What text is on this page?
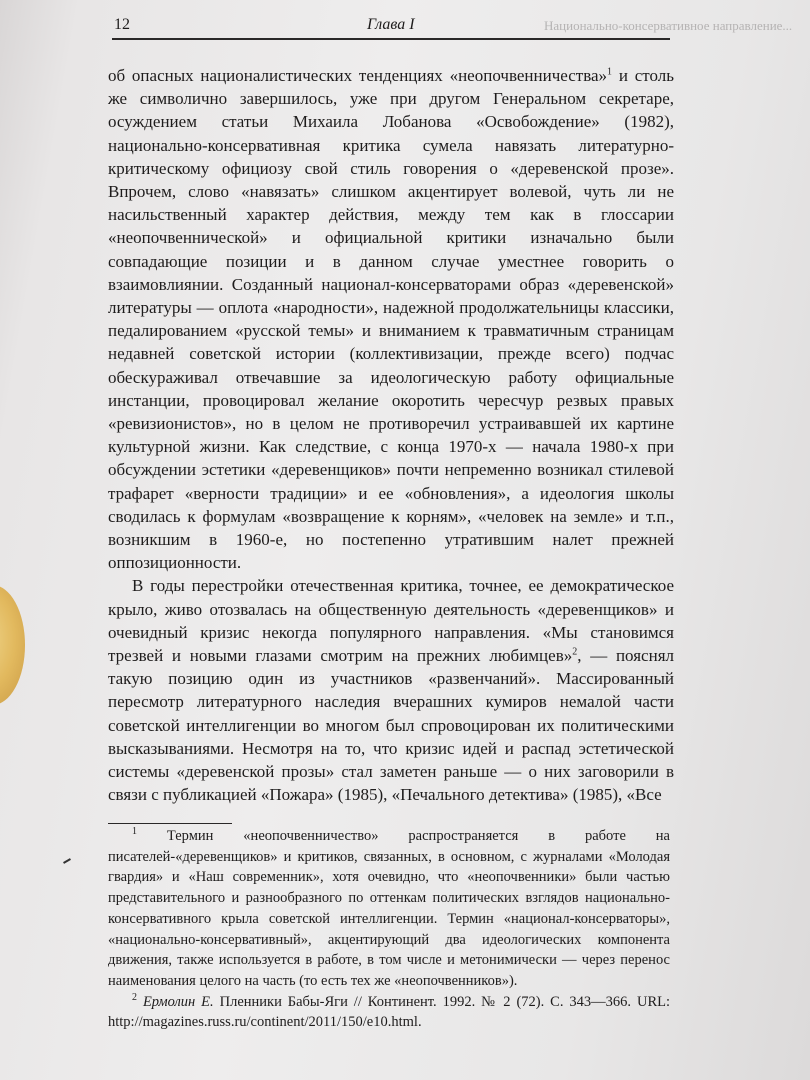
12	Глава I	Национально-консервативное направление...

об опасных националистических тенденциях «неопочвенничества»$^1$ и столь же символично завершилось, уже при другом Генеральном секретаре, осуждением статьи Михаила Лобанова «Освобождение» (1982), национально-консервативная критика сумела навязать литературно-критическому официозу свой стиль говорения о «деревенской прозе». Впрочем, слово «навязать» слишком акцентирует волевой, чуть ли не насильственный характер действия, между тем как в глоссарии «неопочвеннической» и официальной критики изначально были совпадающие позиции и в данном случае уместнее говорить о взаимовлиянии. Созданный национал-консерваторами образ «деревенской» литературы — оплота «народности», надежной продолжательницы классики, педалированием «русской темы» и вниманием к травматичным страницам недавней советской истории (коллективизации, прежде всего) подчас обескураживал отвечавшие за идеологическую работу официальные инстанции, провоцировал желание окоротить чересчур резвых правых «ревизионистов», но в целом не противоречил устраивавшей их картине культурной жизни. Как следствие, с конца 1970-х — начала 1980-х при обсуждении эстетики «деревенщиков» почти непременно возникал стилевой трафарет «верности традиции» и ее «обновления», а идеология школы сводилась к формулам «возвращение к корням», «человек на земле» и т.п., возникшим в 1960-е, но постепенно утратившим налет прежней оппозиционности.

В годы перестройки отечественная критика, точнее, ее демократическое крыло, живо отозвалась на общественную деятельность «деревенщиков» и очевидный кризис некогда популярного направления. «Мы становимся трезвей и новыми глазами смотрим на прежних любимцев»$^2$, — пояснял такую позицию один из участников «развенчаний». Массированный пересмотр литературного наследия вчерашних кумиров немалой части советской интеллигенции во многом был спровоцирован их политическими высказываниями. Несмотря на то, что кризис идей и распад эстетической системы «деревенской прозы» стал заметен раньше — о них заговорили в связи с публикацией «Пожара» (1985), «Печального детектива» (1985), «Все

$^1$ Термин «неопочвенничество» распространяется в работе на писателей-«деревенщиков» и критиков, связанных, в основном, с журналами «Молодая гвардия» и «Наш современник», хотя очевидно, что «неопочвенники» были частью представительного и разнообразного по оттенкам политических взглядов национально-консервативного крыла советской интеллигенции. Термин «национал-консерваторы», «национально-консервативный», акцентирующий два идеологических компонента движения, также используется в работе, в том числе и метонимически — через перенос наименования целого на часть (то есть тех же «неопочвенников»).

$^2$ Ермолин Е. Пленники Бабы-Яги // Континент. 1992. № 2 (72). С. 343—366. URL: http://magazines.russ.ru/continent/2011/150/e10.html.
